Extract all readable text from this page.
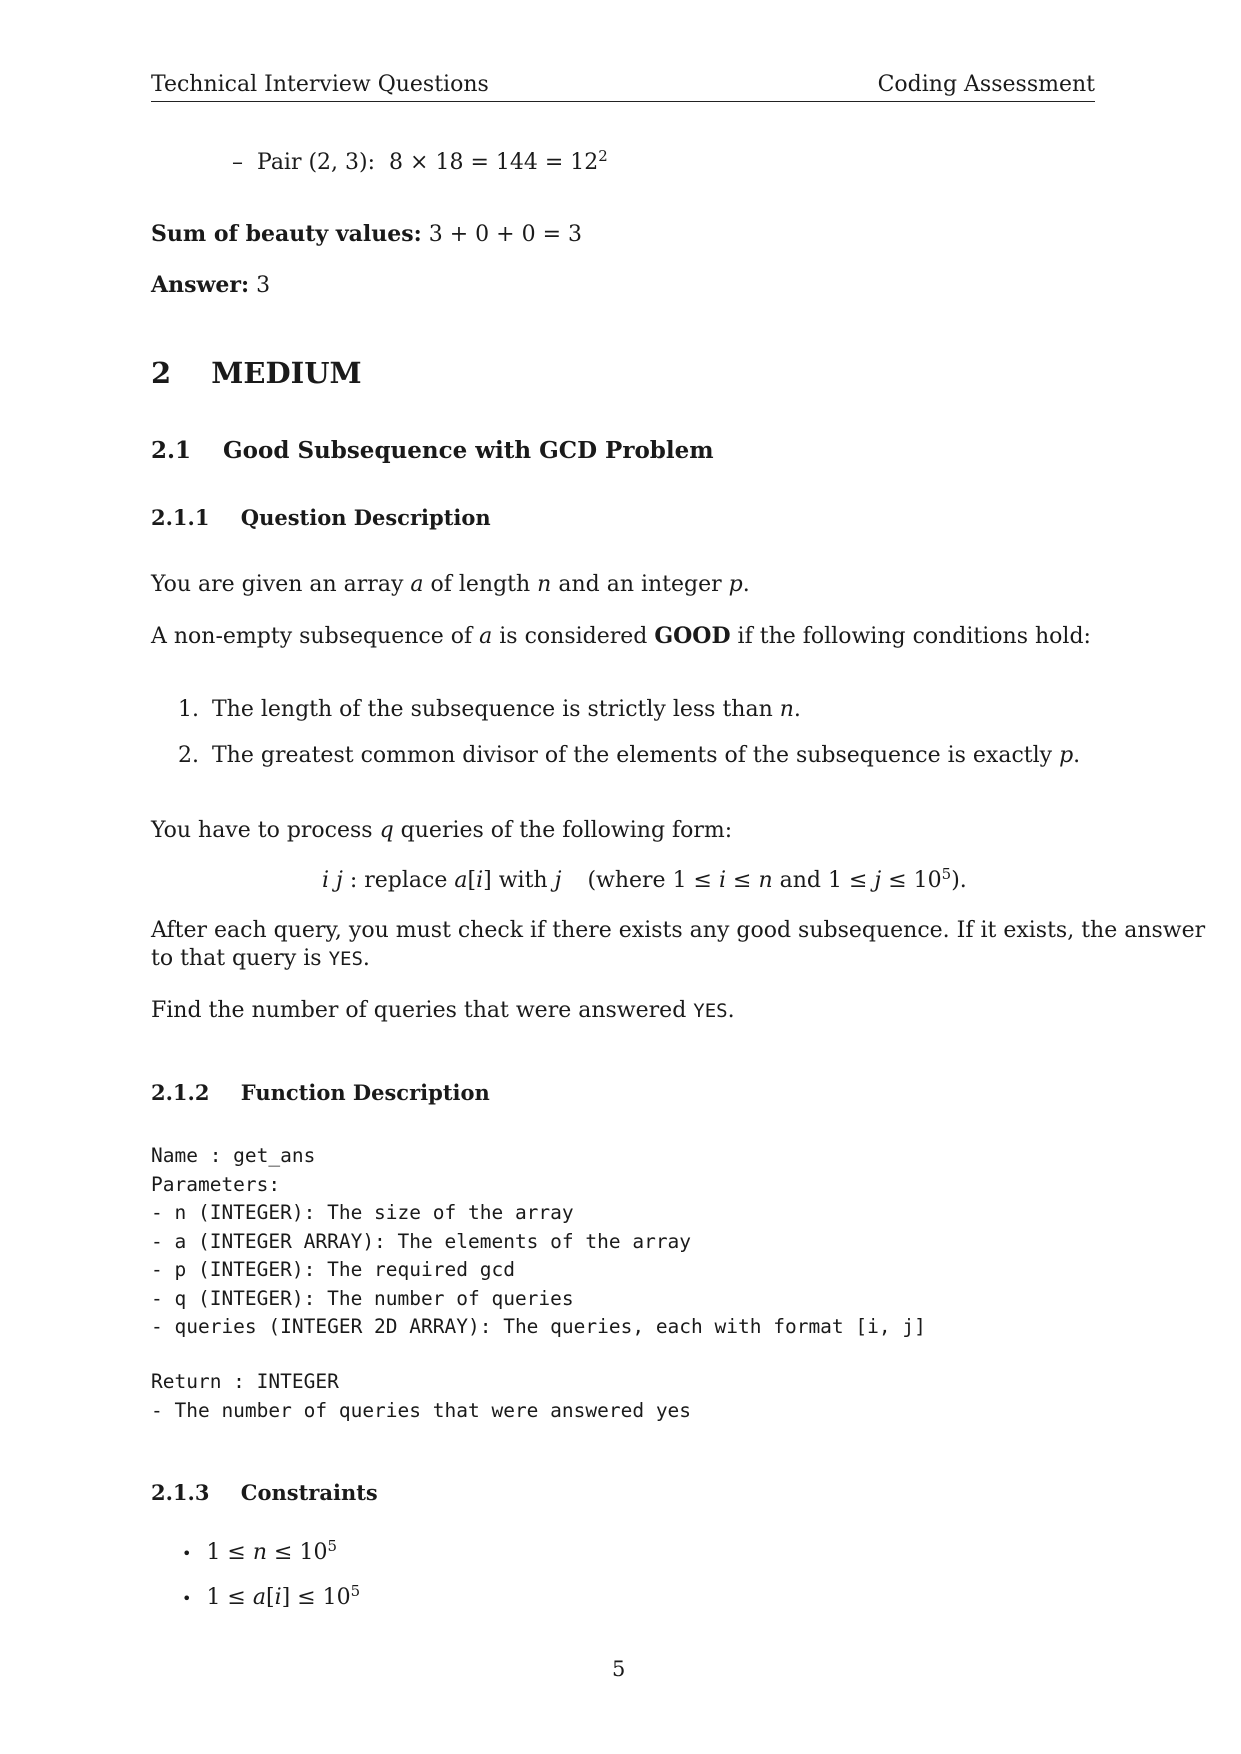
Technical Interview Questions	Coding Assessment
– Pair (2, 3): $8 \times 18 = 144 = 12^2$
Sum of beauty values: 3 + 0 + 0 = 3
Answer: 3
2 MEDIUM
2.1 Good Subsequence with GCD Problem
2.1.1 Question Description
You are given an array a of length n and an integer p.
A non-empty subsequence of a is considered GOOD if the following conditions hold:
1. The length of the subsequence is strictly less than n.
2. The greatest common divisor of the elements of the subsequence is exactly p.
You have to process q queries of the following form:
i j : replace a[i] with j (where 1 ≤ i ≤ n and $1 \le j \le 10^5$).
After each query, you must check if there exists any good subsequence. If it exists, the answer
to that query is YES.
Find the number of queries that were answered YES.
2.1.2 Function Description
Name : get_ans
Parameters:
- n (INTEGER): The size of the array
- a (INTEGER ARRAY): The elements of the array
- p (INTEGER): The required gcd
- q (INTEGER): The number of queries
- queries (INTEGER 2D ARRAY): The queries, each with format [i, j]
Return : INTEGER
- The number of queries that were answered yes
2.1.3 Constraints
• $1 \le n \le 10^5$
• $1 \le a[i] \le 10^5$
5
